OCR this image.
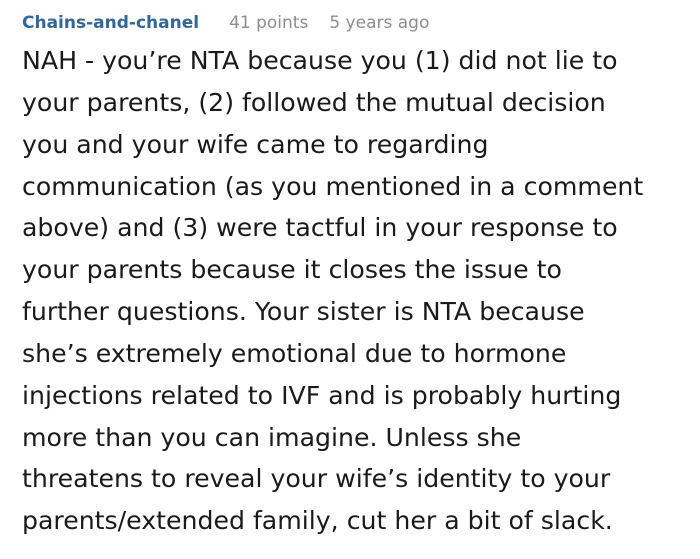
Chains-and-chanel 41 points 5 years ago

NAH - you’re NTA because you (1) did not lie to
your parents, (2) followed the mutual decision
you and your wife came to regarding
communication (as you mentioned in a comment
above) and (3) were tactful in your response to
your parents because it closes the issue to
further questions. Your sister is NTA because
she’s extremely emotional due to hormone
injections related to IVF and is probably hurting
more than you can imagine. Unless she
threatens to reveal your wife’s identity to your
parents/extended family, cut her a bit of slack.
